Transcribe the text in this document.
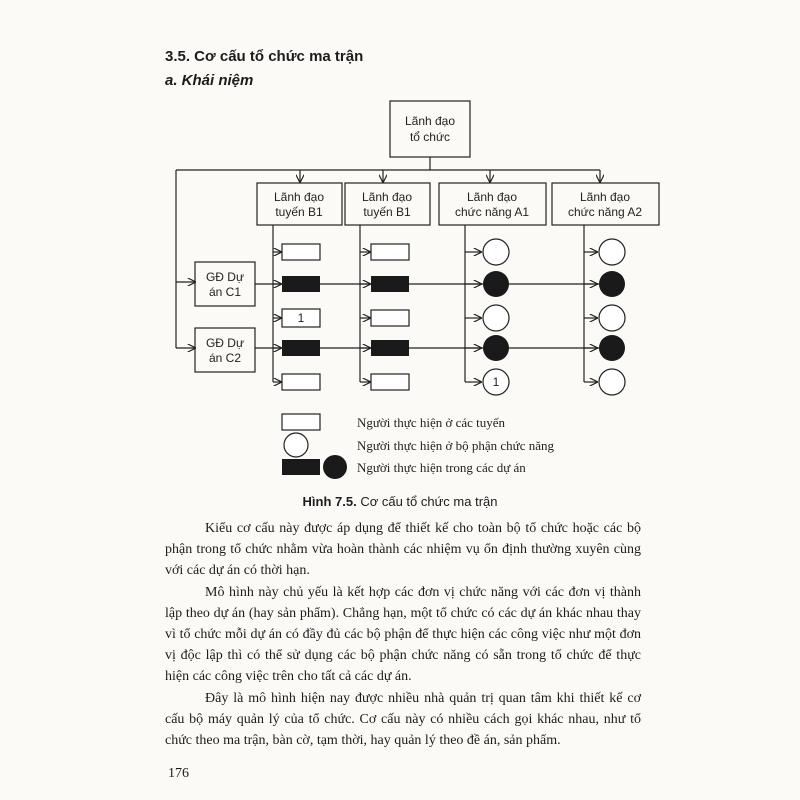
3.5. Cơ cấu tổ chức ma trận
a. Khái niệm
Lãnh đạo
tổ chức
Lãnh đạo
tuyến B1
Lãnh đạo
tuyến B1
Lãnh đạo
chức năng A1
Lãnh đạo
chức năng A2
GĐ Dự
án C1
GĐ Dự
án C2
1
1
Người thực hiện ở các tuyến
Người thực hiện ở bộ phận chức năng
Người thực hiện trong các dự án
Hình 7.5. Cơ cấu tổ chức ma trận

Kiểu cơ cấu này được áp dụng để thiết kế cho toàn bộ tổ chức hoặc các bộ phận trong tổ chức nhằm vừa hoàn thành các nhiệm vụ ổn định thường xuyên cùng với các dự án có thời hạn.

Mô hình này chủ yếu là kết hợp các đơn vị chức năng với các đơn vị thành lập theo dự án (hay sản phẩm). Chẳng hạn, một tổ chức có các dự án khác nhau thay vì tổ chức mỗi dự án có đầy đủ các bộ phận để thực hiện các công việc như một đơn vị độc lập thì có thể sử dụng các bộ phận chức năng có sẵn trong tổ chức để thực hiện các công việc trên cho tất cả các dự án.

Đây là mô hình hiện nay được nhiều nhà quản trị quan tâm khi thiết kế cơ cấu bộ máy quản lý của tổ chức. Cơ cấu này có nhiều cách gọi khác nhau, như tổ chức theo ma trận, bàn cờ, tạm thời, hay quản lý theo đề án, sản phẩm.

176
